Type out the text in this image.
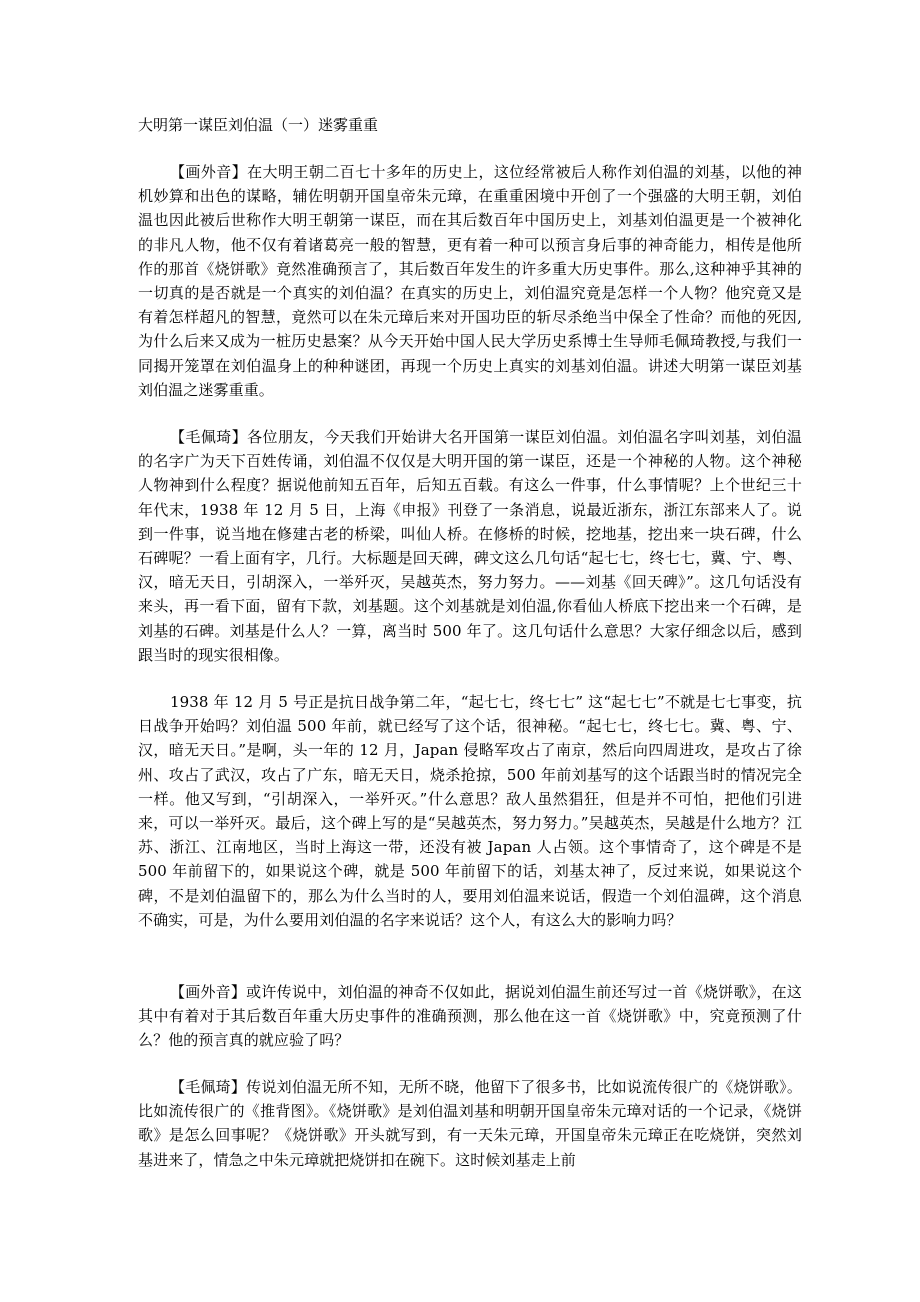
大明第一谋臣刘伯温（一）迷雾重重

【画外音】在大明王朝二百七十多年的历史上，这位经常被后人称作刘伯温的刘基，以他的神机妙算和出色的谋略，辅佐明朝开国皇帝朱元璋，在重重困境中开创了一个强盛的大明王朝，刘伯温也因此被后世称作大明王朝第一谋臣，而在其后数百年中国历史上，刘基刘伯温更是一个被神化的非凡人物，他不仅有着诸葛亮一般的智慧，更有着一种可以预言身后事的神奇能力，相传是他所作的那首《烧饼歌》竟然准确预言了，其后数百年发生的许多重大历史事件。那么,这种神乎其神的一切真的是否就是一个真实的刘伯温？在真实的历史上，刘伯温究竟是怎样一个人物？他究竟又是有着怎样超凡的智慧，竟然可以在朱元璋后来对开国功臣的斩尽杀绝当中保全了性命？而他的死因,为什么后来又成为一桩历史悬案？从今天开始中国人民大学历史系博士生导师毛佩琦教授,与我们一同揭开笼罩在刘伯温身上的种种谜团，再现一个历史上真实的刘基刘伯温。讲述大明第一谋臣刘基刘伯温之迷雾重重。

【毛佩琦】各位朋友，今天我们开始讲大名开国第一谋臣刘伯温。刘伯温名字叫刘基，刘伯温的名字广为天下百姓传诵，刘伯温不仅仅是大明开国的第一谋臣，还是一个神秘的人物。这个神秘人物神到什么程度？据说他前知五百年，后知五百载。有这么一件事，什么事情呢？上个世纪三十年代末，1938 年 12 月 5 日，上海《申报》刊登了一条消息，说最近浙东，浙江东部来人了。说到一件事，说当地在修建古老的桥梁，叫仙人桥。在修桥的时候，挖地基，挖出来一块石碑，什么石碑呢？一看上面有字，几行。大标题是回天碑，碑文这么几句话“起七七，终七七，冀、宁、粤、汉，暗无天日，引胡深入，一举歼灭，吴越英杰，努力努力。——刘基《回天碑》”。这几句话没有来头，再一看下面，留有下款，刘基题。这个刘基就是刘伯温,你看仙人桥底下挖出来一个石碑，是刘基的石碑。刘基是什么人？一算，离当时 500 年了。这几句话什么意思？大家仔细念以后，感到跟当时的现实很相像。

1938 年 12 月 5 号正是抗日战争第二年，“起七七，终七七” 这“起七七”不就是七七事变，抗日战争开始吗？刘伯温 500 年前，就已经写了这个话，很神秘。“起七七，终七七。冀、粤、宁、汉，暗无天日。”是啊，头一年的 12 月，Japan 侵略军攻占了南京，然后向四周进攻，是攻占了徐州、攻占了武汉，攻占了广东，暗无天日，烧杀抢掠，500 年前刘基写的这个话跟当时的情况完全一样。他又写到，“引胡深入，一举歼灭。”什么意思？敌人虽然猖狂，但是并不可怕，把他们引进来，可以一举歼灭。最后，这个碑上写的是“吴越英杰，努力努力。”吴越英杰，吴越是什么地方？江苏、浙江、江南地区，当时上海这一带，还没有被 Japan 人占领。这个事情奇了，这个碑是不是 500 年前留下的，如果说这个碑，就是 500 年前留下的话，刘基太神了，反过来说，如果说这个碑，不是刘伯温留下的，那么为什么当时的人，要用刘伯温来说话，假造一个刘伯温碑，这个消息不确实，可是，为什么要用刘伯温的名字来说话？这个人，有这么大的影响力吗？

【画外音】或许传说中，刘伯温的神奇不仅如此，据说刘伯温生前还写过一首《烧饼歌》，在这其中有着对于其后数百年重大历史事件的准确预测，那么他在这一首《烧饼歌》中，究竟预测了什么？他的预言真的就应验了吗？

【毛佩琦】传说刘伯温无所不知，无所不晓，他留下了很多书，比如说流传很广的《烧饼歌》。比如流传很广的《推背图》。《烧饼歌》是刘伯温刘基和明朝开国皇帝朱元璋对话的一个记录，《烧饼歌》是怎么回事呢？《烧饼歌》开头就写到，有一天朱元璋，开国皇帝朱元璋正在吃烧饼，突然刘基进来了，情急之中朱元璋就把烧饼扣在碗下。这时候刘基走上前
